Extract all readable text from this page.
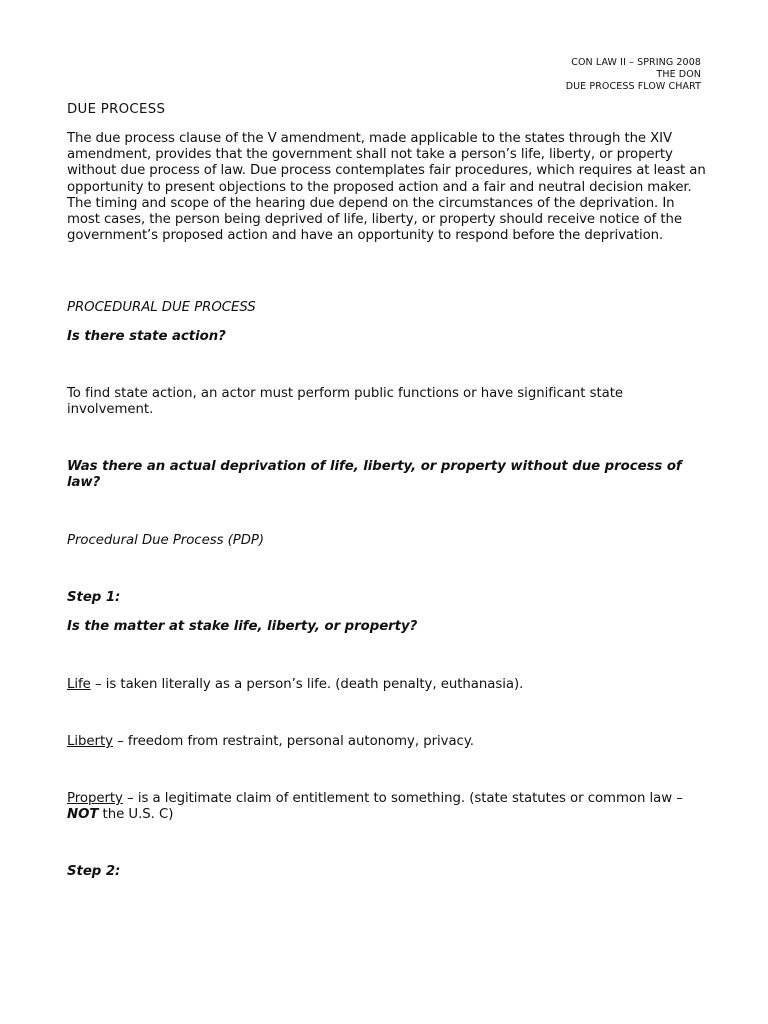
CON LAW II – SPRING 2008
THE DON
DUE PROCESS FLOW CHART
DUE PROCESS

The due process clause of the V amendment, made applicable to the states through the XIV amendment, provides that the government shall not take a person’s life, liberty, or property without due process of law. Due process contemplates fair procedures, which requires at least an opportunity to present objections to the proposed action and a fair and neutral decision maker. The timing and scope of the hearing due depend on the circumstances of the deprivation. In most cases, the person being deprived of life, liberty, or property should receive notice of the government’s proposed action and have an opportunity to respond before the deprivation.

PROCEDURAL DUE PROCESS
Is there state action?
To find state action, an actor must perform public functions or have significant state involvement.
Was there an actual deprivation of life, liberty, or property without due process of law?
Procedural Due Process (PDP)
Step 1:
Is the matter at stake life, liberty, or property?
Life – is taken literally as a person’s life. (death penalty, euthanasia).
Liberty – freedom from restraint, personal autonomy, privacy.
Property – is a legitimate claim of entitlement to something. (state statutes or common law – NOT the U.S. C)
Step 2:
